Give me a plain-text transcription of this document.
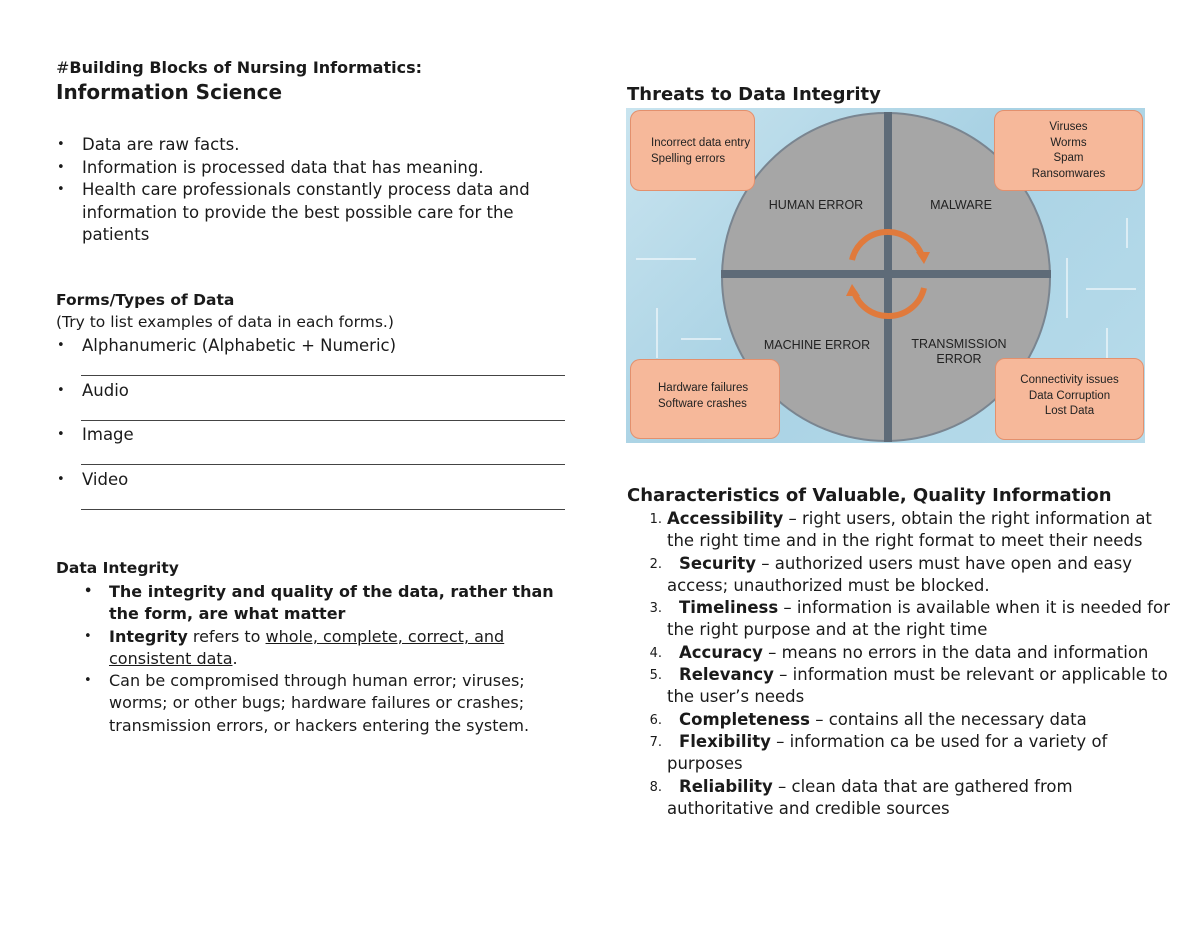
#Building Blocks of Nursing Informatics:
Information Science
• Data are raw facts.
• Information is processed data that has meaning.
• Health care professionals constantly process data and information to provide the best possible care for the patients
Forms/Types of Data
(Try to list examples of data in each forms.)
• Alphanumeric (Alphabetic + Numeric)
• Audio
• Image
• Video
Data Integrity
• The integrity and quality of the data, rather than the form, are what matter
• Integrity refers to whole, complete, correct, and consistent data.
• Can be compromised through human error; viruses; worms; or other bugs; hardware failures or crashes; transmission errors, or hackers entering the system.
Threats to Data Integrity
HUMAN ERROR	MALWARE
MACHINE ERROR	TRANSMISSION
ERROR
Incorrect data entry
Spelling errors
Viruses
Worms
Spam
Ransomwares
Hardware failures
Software crashes
Connectivity issues
Data Corruption
Lost Data
Characteristics of Valuable, Quality Information
1. Accessibility – right users, obtain the right information at the right time and in the right format to meet their needs
2. Security – authorized users must have open and easy access; unauthorized must be blocked.
3. Timeliness – information is available when it is needed for the right purpose and at the right time
4. Accuracy – means no errors in the data and information
5. Relevancy – information must be relevant or applicable to the user’s needs
6. Completeness – contains all the necessary data
7. Flexibility – information ca be used for a variety of purposes
8. Reliability – clean data that are gathered from authoritative and credible sources
